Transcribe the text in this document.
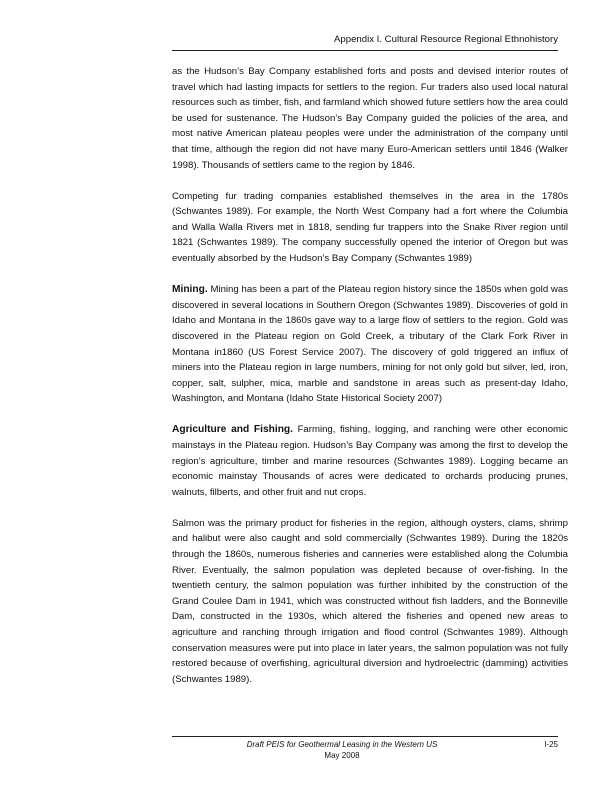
Appendix I. Cultural Resource Regional Ethnohistory

as the Hudson’s Bay Company established forts and posts and devised interior routes of travel which had lasting impacts for settlers to the region. Fur traders also used local natural resources such as timber, fish, and farmland which showed future settlers how the area could be used for sustenance. The Hudson’s Bay Company guided the policies of the area, and most native American plateau peoples were under the administration of the company until that time, although the region did not have many Euro-American settlers until 1846 (Walker 1998). Thousands of settlers came to the region by 1846.

Competing fur trading companies established themselves in the area in the 1780s (Schwantes 1989). For example, the North West Company had a fort where the Columbia and Walla Walla Rivers met in 1818, sending fur trappers into the Snake River region until 1821 (Schwantes 1989). The company successfully opened the interior of Oregon but was eventually absorbed by the Hudson’s Bay Company (Schwantes 1989)

Mining. Mining has been a part of the Plateau region history since the 1850s when gold was discovered in several locations in Southern Oregon (Schwantes 1989). Discoveries of gold in Idaho and Montana in the 1860s gave way to a large flow of settlers to the region. Gold was discovered in the Plateau region on Gold Creek, a tributary of the Clark Fork River in Montana in1860 (US Forest Service 2007). The discovery of gold triggered an influx of miners into the Plateau region in large numbers, mining for not only gold but silver, led, iron, copper, salt, sulpher, mica, marble and sandstone in areas such as present-day Idaho, Washington, and Montana (Idaho State Historical Society 2007)

Agriculture and Fishing. Farming, fishing, logging, and ranching were other economic mainstays in the Plateau region. Hudson’s Bay Company was among the first to develop the region’s agriculture, timber and marine resources (Schwantes 1989). Logging became an economic mainstay Thousands of acres were dedicated to orchards producing prunes, walnuts, filberts, and other fruit and nut crops.

Salmon was the primary product for fisheries in the region, although oysters, clams, shrimp and halibut were also caught and sold commercially (Schwantes 1989). During the 1820s through the 1860s, numerous fisheries and canneries were established along the Columbia River. Eventually, the salmon population was depleted because of over-fishing. In the twentieth century, the salmon population was further inhibited by the construction of the Grand Coulee Dam in 1941, which was constructed without fish ladders, and the Bonneville Dam, constructed in the 1930s, which altered the fisheries and opened new areas to agriculture and ranching through irrigation and flood control (Schwantes 1989). Although conservation measures were put into place in later years, the salmon population was not fully restored because of overfishing, agricultural diversion and hydroelectric (damming) activities (Schwantes 1989).

Draft PEIS for Geothermal Leasing in the Western US
May 2008
I-25
